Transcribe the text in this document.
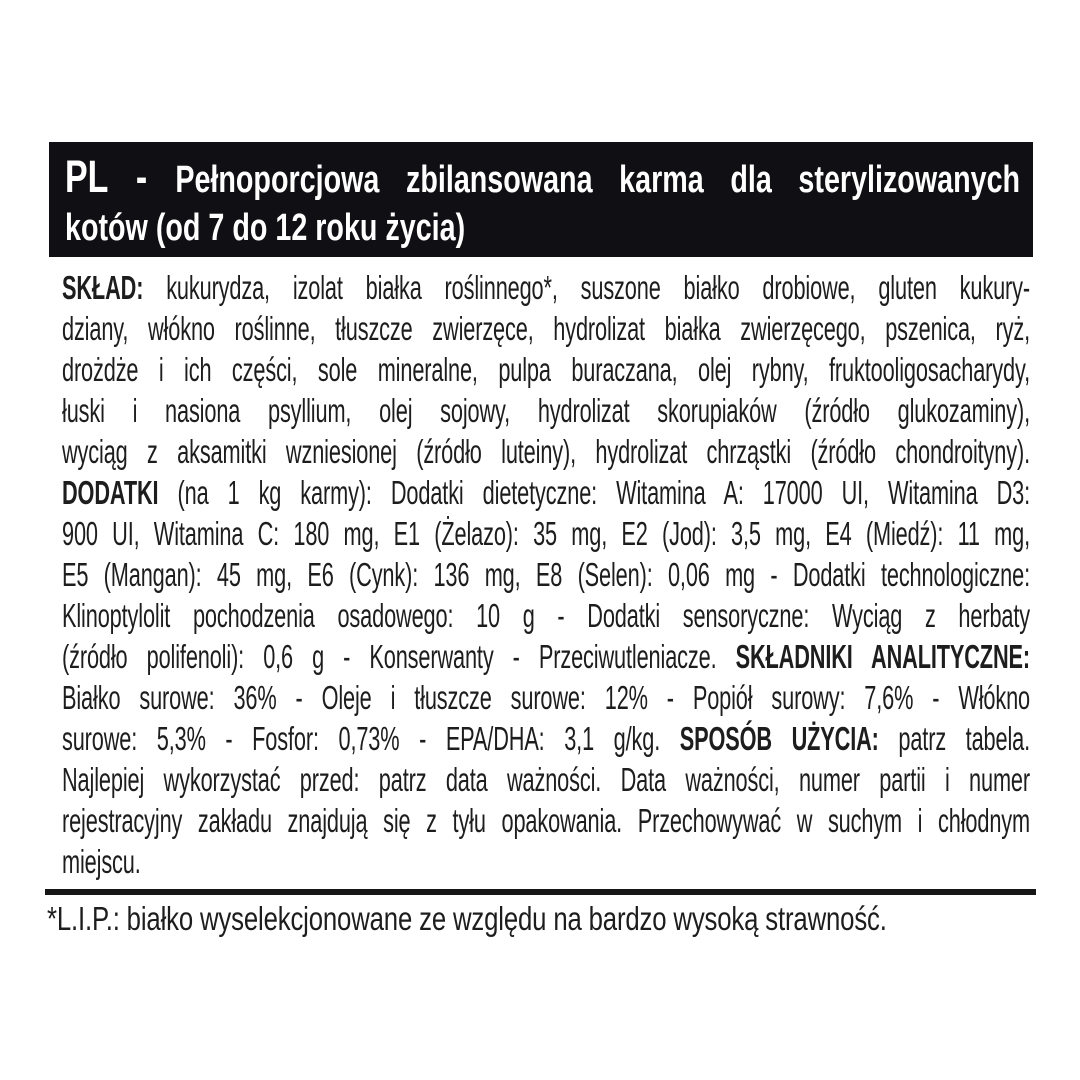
PL - Pełnoporcjowa zbilansowana karma dla sterylizowanych
kotów (od 7 do 12 roku życia)
SKŁAD: kukurydza, izolat białka roślinnego*, suszone białko drobiowe, gluten kukury-
dziany, włókno roślinne, tłuszcze zwierzęce, hydrolizat białka zwierzęcego, pszenica, ryż,
drożdże i ich części, sole mineralne, pulpa buraczana, olej rybny, fruktooligosacharydy,
łuski i nasiona psyllium, olej sojowy, hydrolizat skorupiaków (źródło glukozaminy),
wyciąg z aksamitki wzniesionej (źródło luteiny), hydrolizat chrząstki (źródło chondroityny).
DODATKI (na 1 kg karmy): Dodatki dietetyczne: Witamina A: 17000 UI, Witamina D3:
900 UI, Witamina C: 180 mg, E1 (Żelazo): 35 mg, E2 (Jod): 3,5 mg, E4 (Miedź): 11 mg,
E5 (Mangan): 45 mg, E6 (Cynk): 136 mg, E8 (Selen): 0,06 mg - Dodatki technologiczne:
Klinoptylolit pochodzenia osadowego: 10 g - Dodatki sensoryczne: Wyciąg z herbaty
(źródło polifenoli): 0,6 g - Konserwanty - Przeciwutleniacze. SKŁADNIKI ANALITYCZNE:
Białko surowe: 36% - Oleje i tłuszcze surowe: 12% - Popiół surowy: 7,6% - Włókno
surowe: 5,3% - Fosfor: 0,73% - EPA/DHA: 3,1 g/kg. SPOSÓB UŻYCIA: patrz tabela.
Najlepiej wykorzystać przed: patrz data ważności. Data ważności, numer partii i numer
rejestracyjny zakładu znajdują się z tyłu opakowania. Przechowywać w suchym i chłodnym
miejscu.
*L.I.P.: białko wyselekcjonowane ze względu na bardzo wysoką strawność.
